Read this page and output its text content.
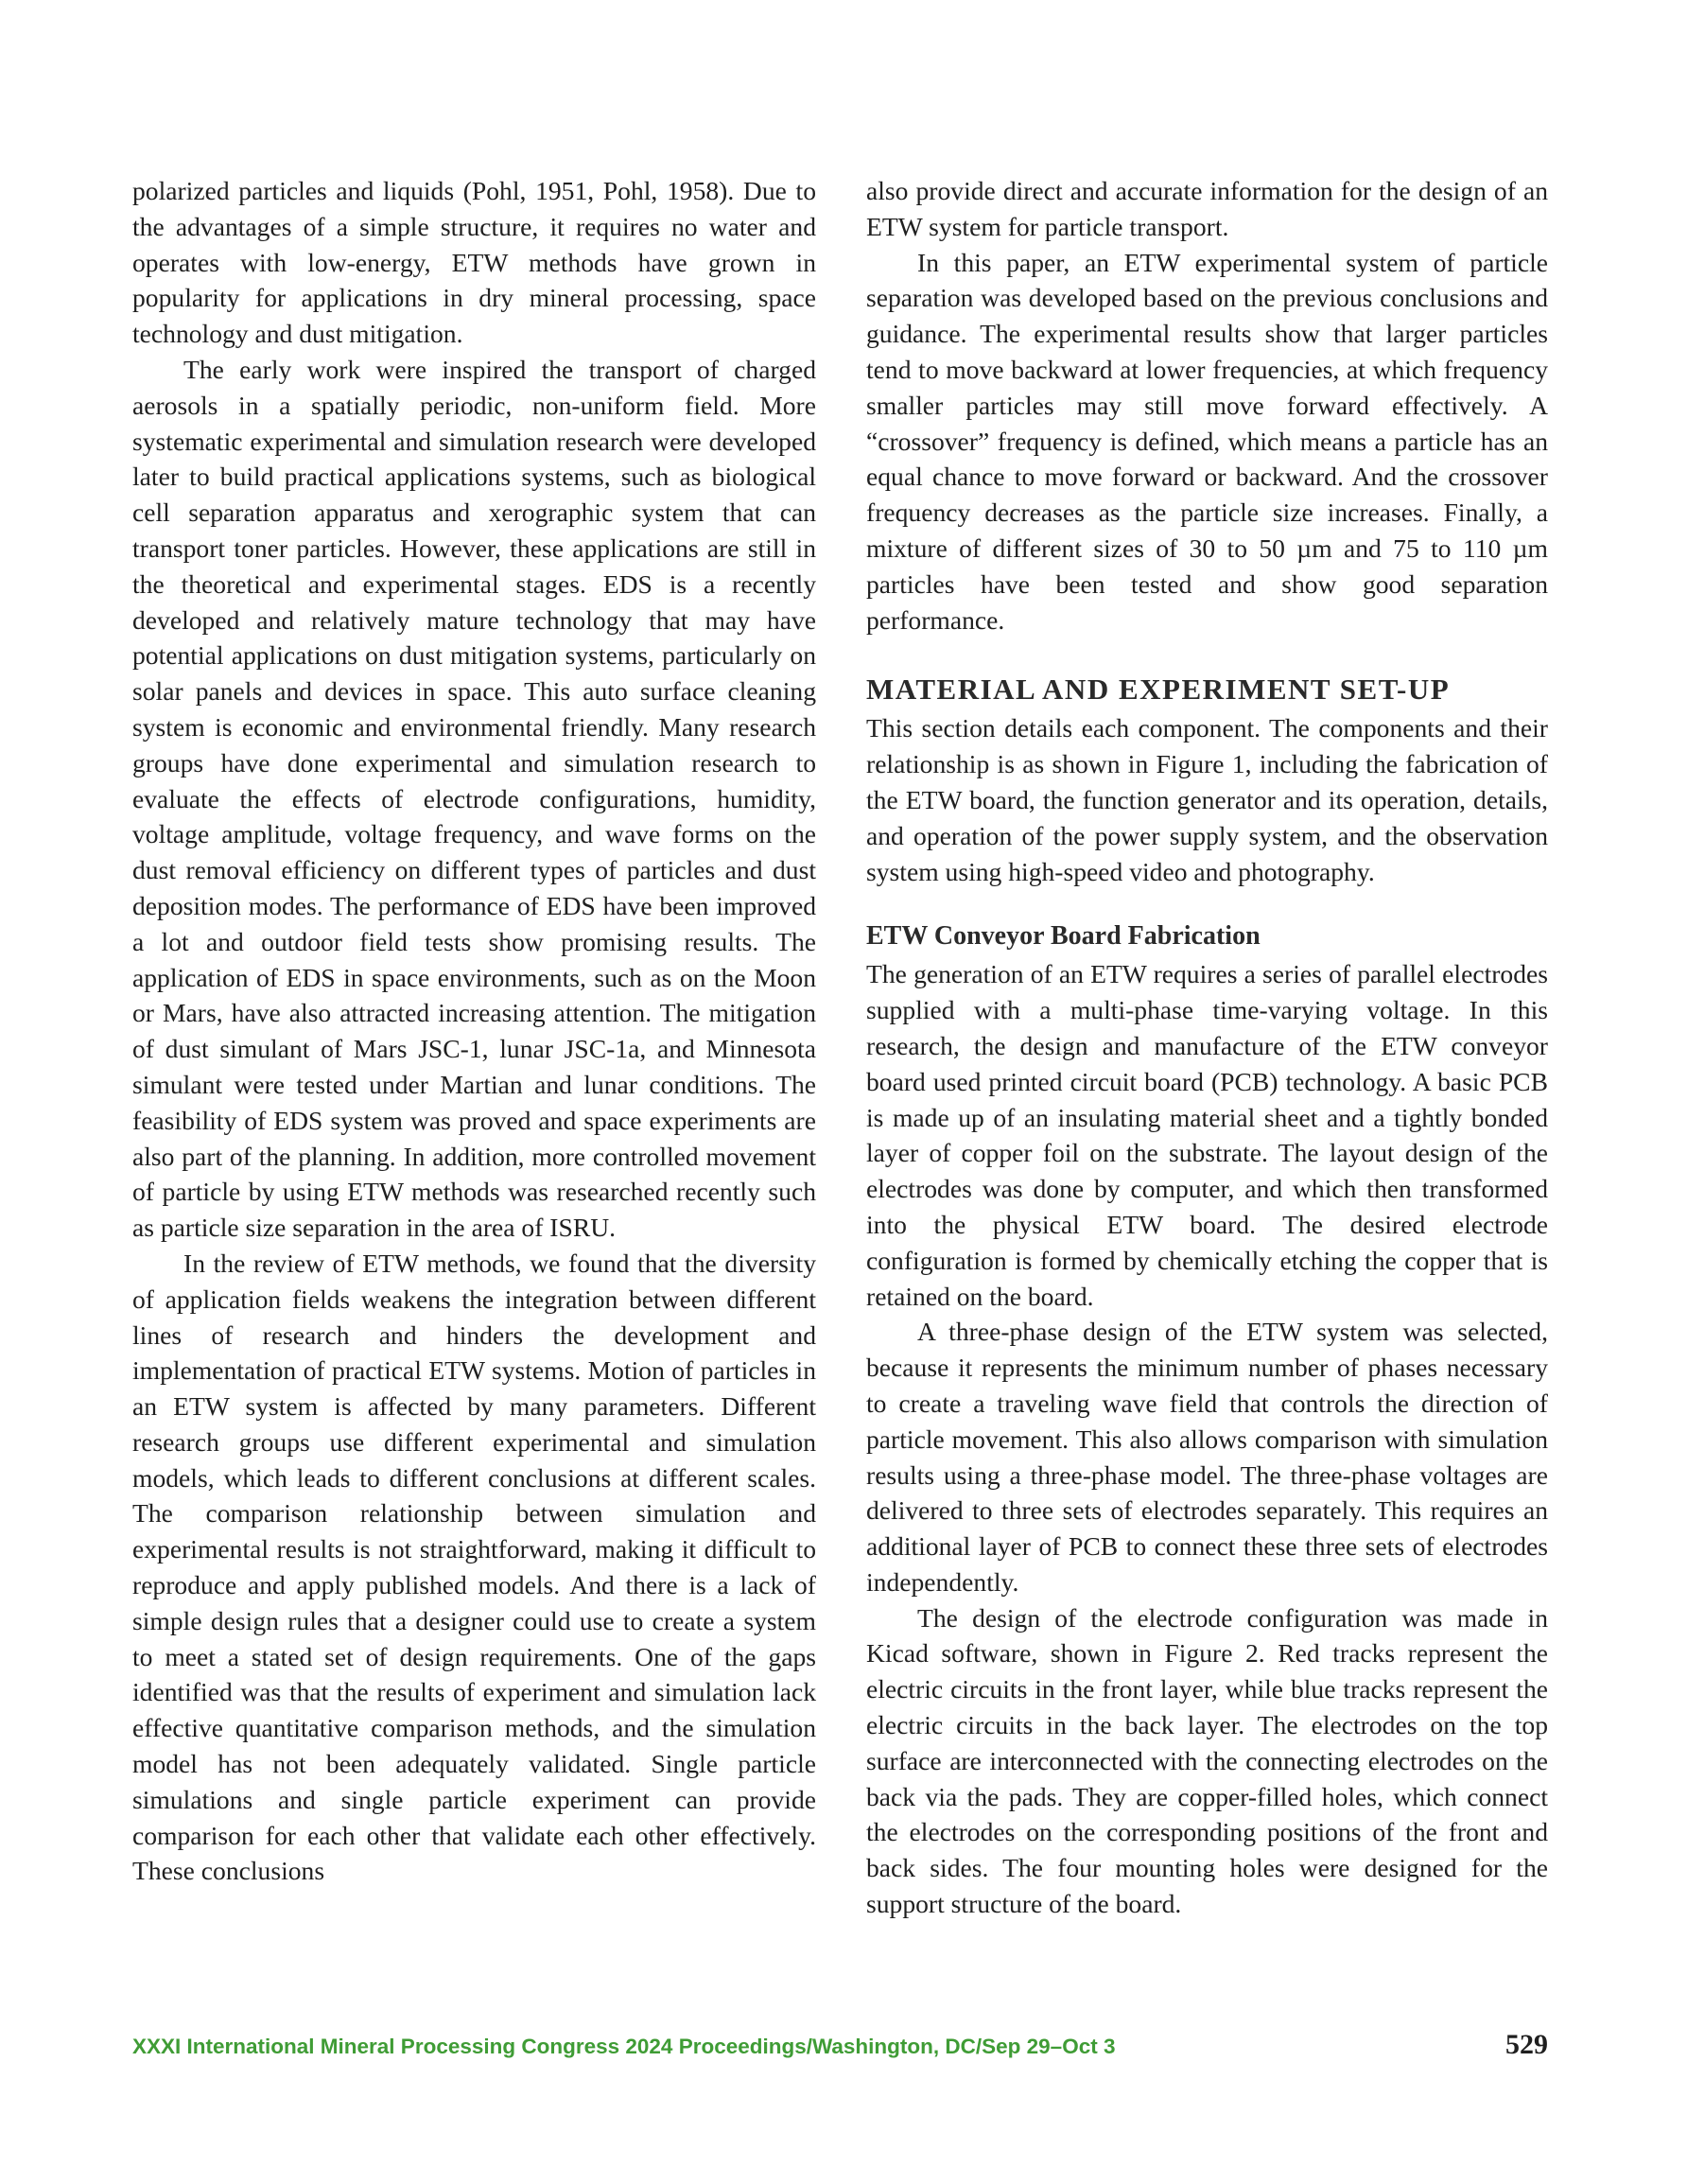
polarized particles and liquids (Pohl, 1951, Pohl, 1958). Due to the advantages of a simple structure, it requires no water and operates with low-energy, ETW methods have grown in popularity for applications in dry mineral processing, space technology and dust mitigation.

The early work were inspired the transport of charged aerosols in a spatially periodic, non-uniform field. More systematic experimental and simulation research were developed later to build practical applications systems, such as biological cell separation apparatus and xerographic system that can transport toner particles. However, these applications are still in the theoretical and experimental stages. EDS is a recently developed and relatively mature technology that may have potential applications on dust mitigation systems, particularly on solar panels and devices in space. This auto surface cleaning system is economic and environmental friendly. Many research groups have done experimental and simulation research to evaluate the effects of electrode configurations, humidity, voltage amplitude, voltage frequency, and wave forms on the dust removal efficiency on different types of particles and dust deposition modes. The performance of EDS have been improved a lot and outdoor field tests show promising results. The application of EDS in space environments, such as on the Moon or Mars, have also attracted increasing attention. The mitigation of dust simulant of Mars JSC-1, lunar JSC-1a, and Minnesota simulant were tested under Martian and lunar conditions. The feasibility of EDS system was proved and space experiments are also part of the planning. In addition, more controlled movement of particle by using ETW methods was researched recently such as particle size separation in the area of ISRU.

In the review of ETW methods, we found that the diversity of application fields weakens the integration between different lines of research and hinders the development and implementation of practical ETW systems. Motion of particles in an ETW system is affected by many parameters. Different research groups use different experimental and simulation models, which leads to different conclusions at different scales. The comparison relationship between simulation and experimental results is not straightforward, making it difficult to reproduce and apply published models. And there is a lack of simple design rules that a designer could use to create a system to meet a stated set of design requirements. One of the gaps identified was that the results of experiment and simulation lack effective quantitative comparison methods, and the simulation model has not been adequately validated. Single particle simulations and single particle experiment can provide comparison for each other that validate each other effectively. These conclusions

also provide direct and accurate information for the design of an ETW system for particle transport.

In this paper, an ETW experimental system of particle separation was developed based on the previous conclusions and guidance. The experimental results show that larger particles tend to move backward at lower frequencies, at which frequency smaller particles may still move forward effectively. A “crossover” frequency is defined, which means a particle has an equal chance to move forward or backward. And the crossover frequency decreases as the particle size increases. Finally, a mixture of different sizes of 30 to 50 µm and 75 to 110 µm particles have been tested and show good separation performance.

MATERIAL AND EXPERIMENT SET-UP

This section details each component. The components and their relationship is as shown in Figure 1, including the fabrication of the ETW board, the function generator and its operation, details, and operation of the power supply system, and the observation system using high-speed video and photography.

ETW Conveyor Board Fabrication

The generation of an ETW requires a series of parallel electrodes supplied with a multi-phase time-varying voltage. In this research, the design and manufacture of the ETW conveyor board used printed circuit board (PCB) technology. A basic PCB is made up of an insulating material sheet and a tightly bonded layer of copper foil on the substrate. The layout design of the electrodes was done by computer, and which then transformed into the physical ETW board. The desired electrode configuration is formed by chemically etching the copper that is retained on the board.

A three-phase design of the ETW system was selected, because it represents the minimum number of phases necessary to create a traveling wave field that controls the direction of particle movement. This also allows comparison with simulation results using a three-phase model. The three-phase voltages are delivered to three sets of electrodes separately. This requires an additional layer of PCB to connect these three sets of electrodes independently.

The design of the electrode configuration was made in Kicad software, shown in Figure 2. Red tracks represent the electric circuits in the front layer, while blue tracks represent the electric circuits in the back layer. The electrodes on the top surface are interconnected with the connecting electrodes on the back via the pads. They are copper-filled holes, which connect the electrodes on the corresponding positions of the front and back sides. The four mounting holes were designed for the support structure of the board.

XXXI International Mineral Processing Congress 2024 Proceedings/Washington, DC/Sep 29–Oct 3	529
